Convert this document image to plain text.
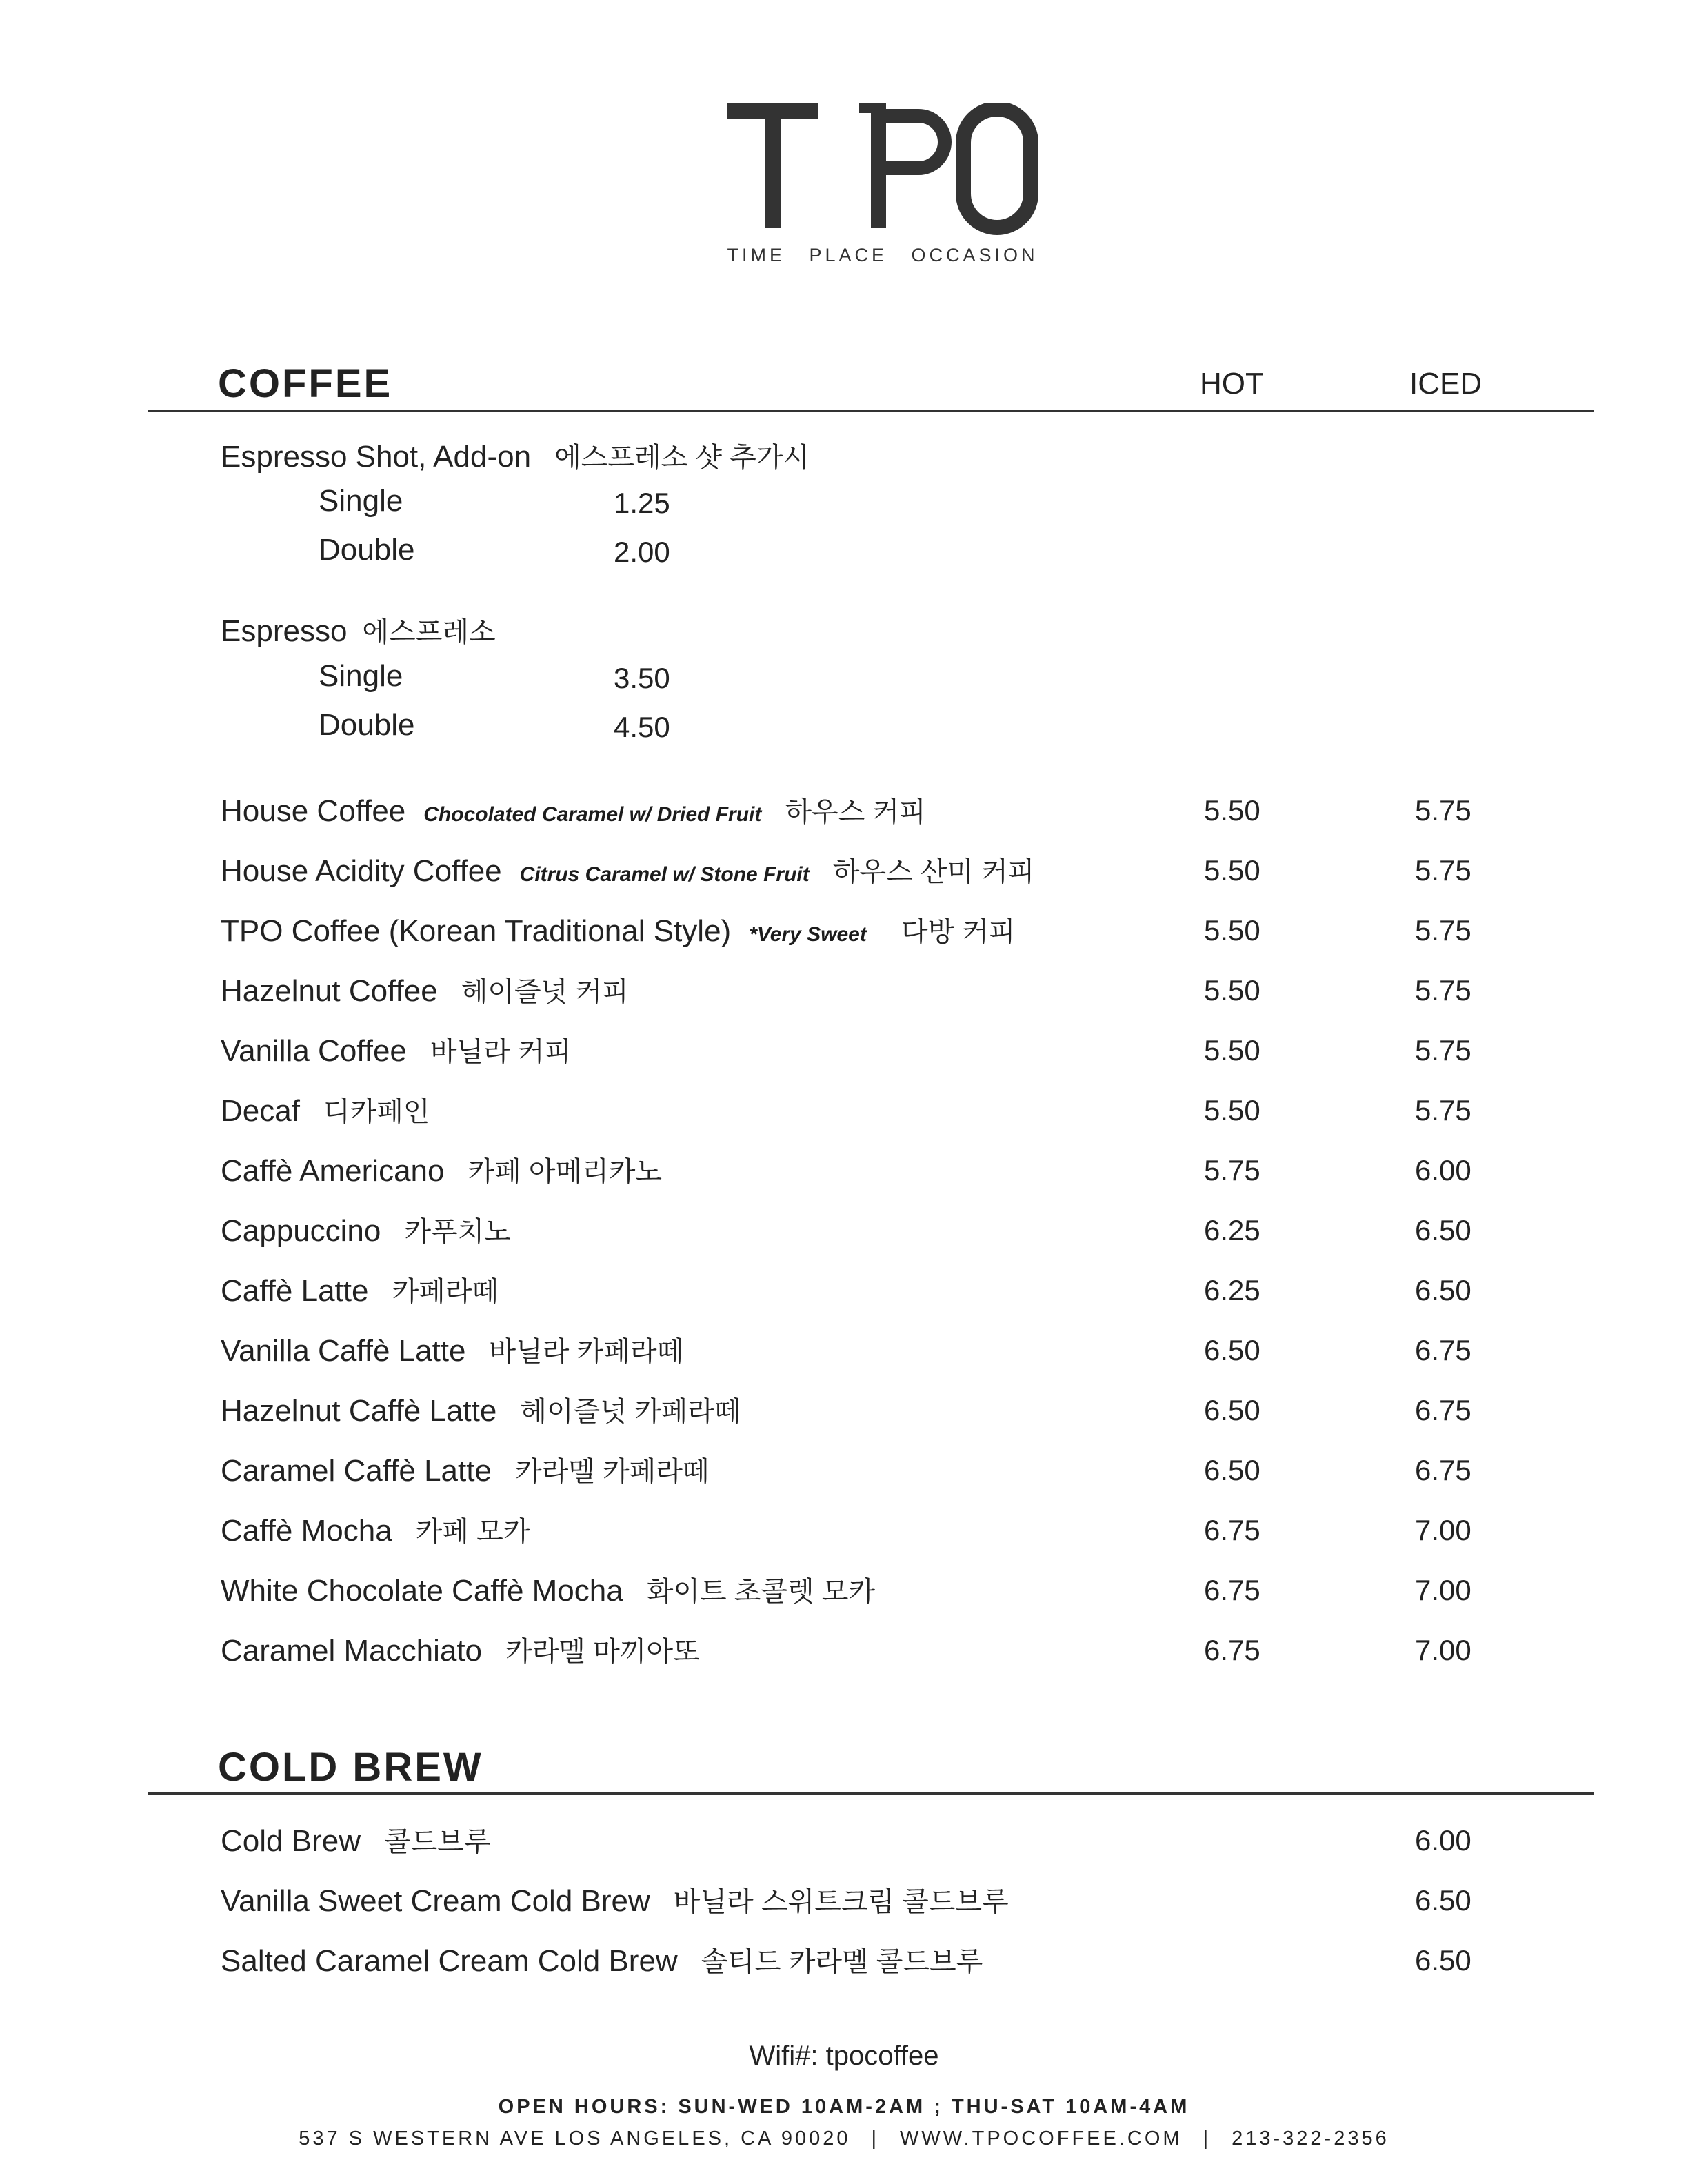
TIME PLACE OCCASION
COFFEE	HOT	ICED
Espresso Shot, Add-on 에스프레소 샷 추가시
Single	1.25
Double	2.00
Espresso 에스프레소
Single	3.50
Double	4.50
House Coffee Chocolated Caramel w/ Dried Fruit 하우스 커피	5.50	5.75
House Acidity Coffee Citrus Caramel w/ Stone Fruit 하우스 산미 커피	5.50	5.75
TPO Coffee (Korean Traditional Style) *Very Sweet 다방 커피	5.50	5.75
Hazelnut Coffee 헤이즐넛 커피	5.50	5.75
Vanilla Coffee 바닐라 커피	5.50	5.75
Decaf 디카페인	5.50	5.75
Caffè Americano 카페 아메리카노	5.75	6.00
Cappuccino 카푸치노	6.25	6.50
Caffè Latte 카페라떼	6.25	6.50
Vanilla Caffè Latte 바닐라 카페라떼	6.50	6.75
Hazelnut Caffè Latte 헤이즐넛 카페라떼	6.50	6.75
Caramel Caffè Latte 카라멜 카페라떼	6.50	6.75
Caffè Mocha 카페 모카	6.75	7.00
White Chocolate Caffè Mocha 화이트 초콜렛 모카	6.75	7.00
Caramel Macchiato 카라멜 마끼아또	6.75	7.00
COLD BREW
Cold Brew 콜드브루	6.00
Vanilla Sweet Cream Cold Brew 바닐라 스위트크림 콜드브루	6.50
Salted Caramel Cream Cold Brew 솔티드 카라멜 콜드브루	6.50
Wifi#: tpocoffee
OPEN HOURS: SUN-WED 10AM-2AM ; THU-SAT 10AM-4AM
537 S WESTERN AVE LOS ANGELES, CA 90020 | WWW.TPOCOFFEE.COM | 213-322-2356
